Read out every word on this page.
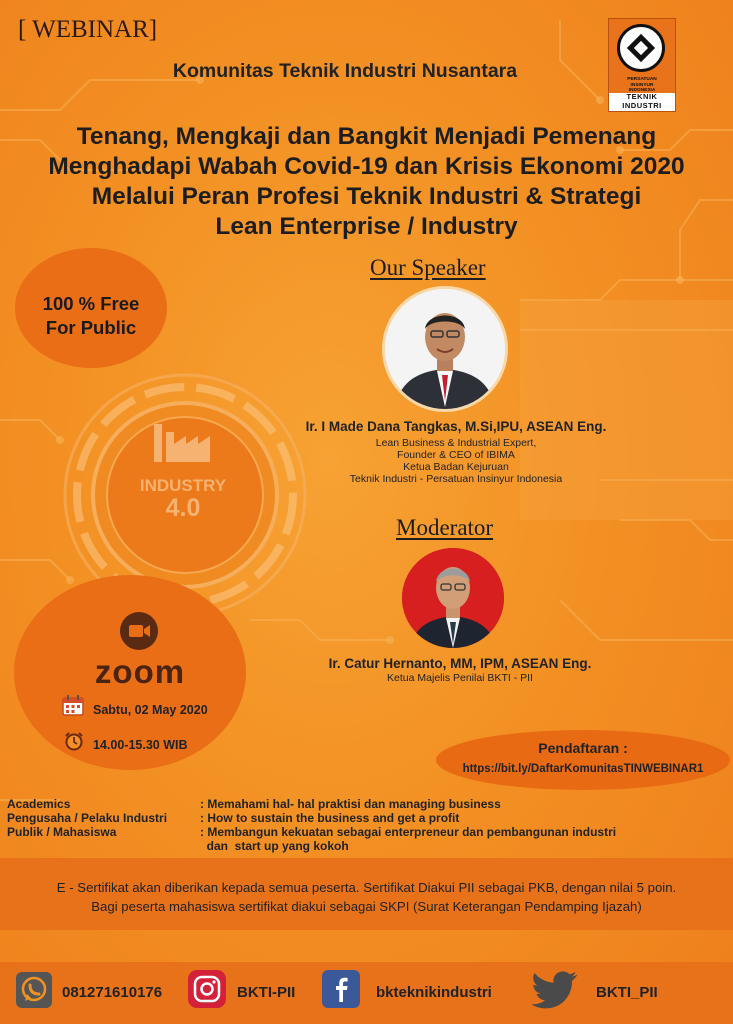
[ WEBINAR]
Komunitas Teknik Industri Nusantara	PERSATUAN
INSINYUR
INDONESIA
TEKNIK
INDUSTRI
Tenang, Mengkaji dan Bangkit Menjadi Pemenang
Menghadapi Wabah Covid-19 dan Krisis Ekonomi 2020
Melalui Peran Profesi Teknik Industri & Strategi
Lean Enterprise / Industry
100 % Free
For Public
INDUSTRY
4.0
zoom
Sabtu, 02 May 2020
14.00-15.30 WIB
Our Speaker
Ir. I Made Dana Tangkas, M.Si,IPU, ASEAN Eng.
Lean Business & Industrial Expert,
Founder & CEO of IBIMA
Ketua Badan Kejuruan
Teknik Industri - Persatuan Insinyur Indonesia
Moderator
Ir. Catur Hernanto, MM, IPM, ASEAN Eng.
Ketua Majelis Penilai BKTI - PII
Pendaftaran :
https://bit.ly/DaftarKomunitasTINWEBINAR1
Academics	: Memahami hal- hal praktisi dan managing business
Pengusaha / Pelaku Industri	: How to sustain the business and get a profit
Publik / Mahasiswa	: Membangun kekuatan sebagai enterpreneur dan pembangunan industri
dan  start up yang kokoh
E - Sertifikat akan diberikan kepada semua peserta. Sertifikat Diakui PII sebagai PKB, dengan nilai 5 poin.
Bagi peserta mahasiswa sertifikat diakui sebagai SKPI (Surat Keterangan Pendamping Ijazah)
081271610176	BKTI-PII	bkteknikindustri	BKTI_PII
